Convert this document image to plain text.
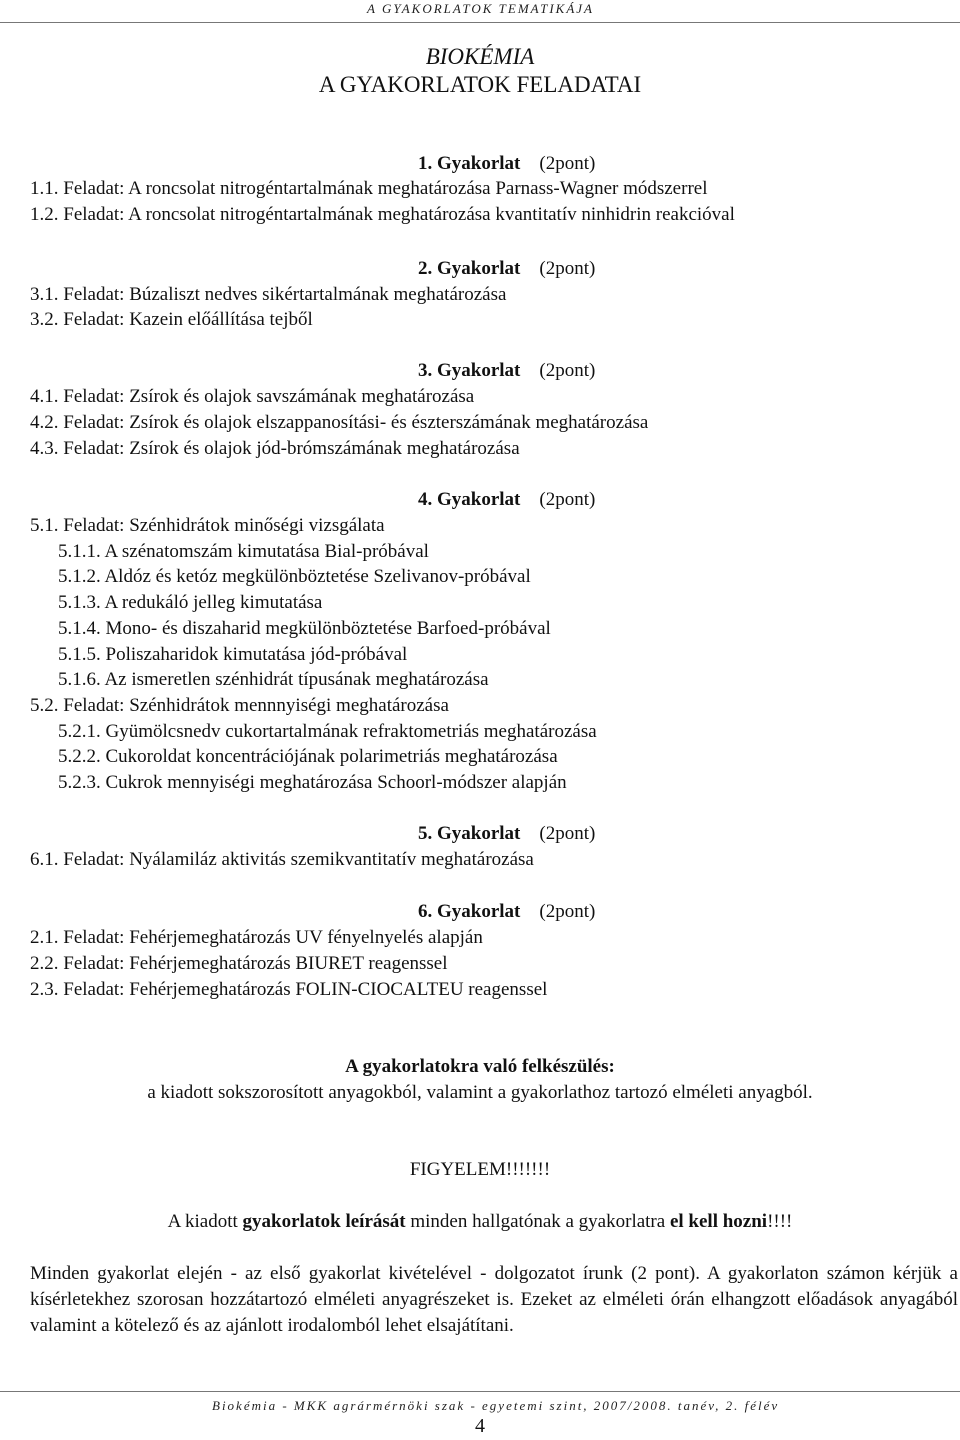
A GYAKORLATOK TEMATIKÁJA
BIOKÉMIA
A GYAKORLATOK FELADATAI
1. Gyakorlat (2pont)
1.1. Feladat: A roncsolat nitrogéntartalmának meghatározása Parnass-Wagner módszerrel
1.2. Feladat: A roncsolat nitrogéntartalmának meghatározása kvantitatív ninhidrin reakcióval
2. Gyakorlat (2pont)
3.1. Feladat: Búzaliszt nedves sikértartalmának meghatározása
3.2. Feladat: Kazein előállítása tejből
3. Gyakorlat (2pont)
4.1. Feladat: Zsírok és olajok savszámának meghatározása
4.2. Feladat: Zsírok és olajok elszappanosítási- és észterszámának meghatározása
4.3. Feladat: Zsírok és olajok jód-brómszámának meghatározása
4. Gyakorlat (2pont)
5.1. Feladat: Szénhidrátok minőségi vizsgálata
5.1.1. A szénatomszám kimutatása Bial-próbával
5.1.2. Aldóz és ketóz megkülönböztetése Szelivanov-próbával
5.1.3. A redukáló jelleg kimutatása
5.1.4. Mono- és diszaharid megkülönböztetése Barfoed-próbával
5.1.5. Poliszaharidok kimutatása jód-próbával
5.1.6. Az ismeretlen szénhidrát típusának meghatározása
5.2. Feladat: Szénhidrátok mennnyiségi meghatározása
5.2.1. Gyümölcsnedv cukortartalmának refraktometriás meghatározása
5.2.2. Cukoroldat koncentrációjának polarimetriás meghatározása
5.2.3. Cukrok mennyiségi meghatározása Schoorl-módszer alapján
5. Gyakorlat (2pont)
6.1. Feladat: Nyálamiláz aktivitás szemikvantitatív meghatározása
6. Gyakorlat (2pont)
2.1. Feladat: Fehérjemeghatározás UV fényelnyelés alapján
2.2. Feladat: Fehérjemeghatározás BIURET reagenssel
2.3. Feladat: Fehérjemeghatározás FOLIN-CIOCALTEU reagenssel
A gyakorlatokra való felkészülés:
a kiadott sokszorosított anyagokból, valamint a gyakorlathoz tartozó elméleti anyagból.
FIGYELEM!!!!!!!
A kiadott gyakorlatok leírását minden hallgatónak a gyakorlatra el kell hozni!!!!
Minden gyakorlat elején - az első gyakorlat kivételével - dolgozatot írunk (2 pont). A gyakorlaton számon kérjük a kísérletekhez szorosan hozzátartozó elméleti anyagrészeket is. Ezeket az elméleti órán elhangzott előadások anyagából valamint a kötelező és az ajánlott irodalomból lehet elsajátítani.
Biokémia - MKK agrármérnöki szak - egyetemi szint, 2007/2008. tanév, 2. félév
4
